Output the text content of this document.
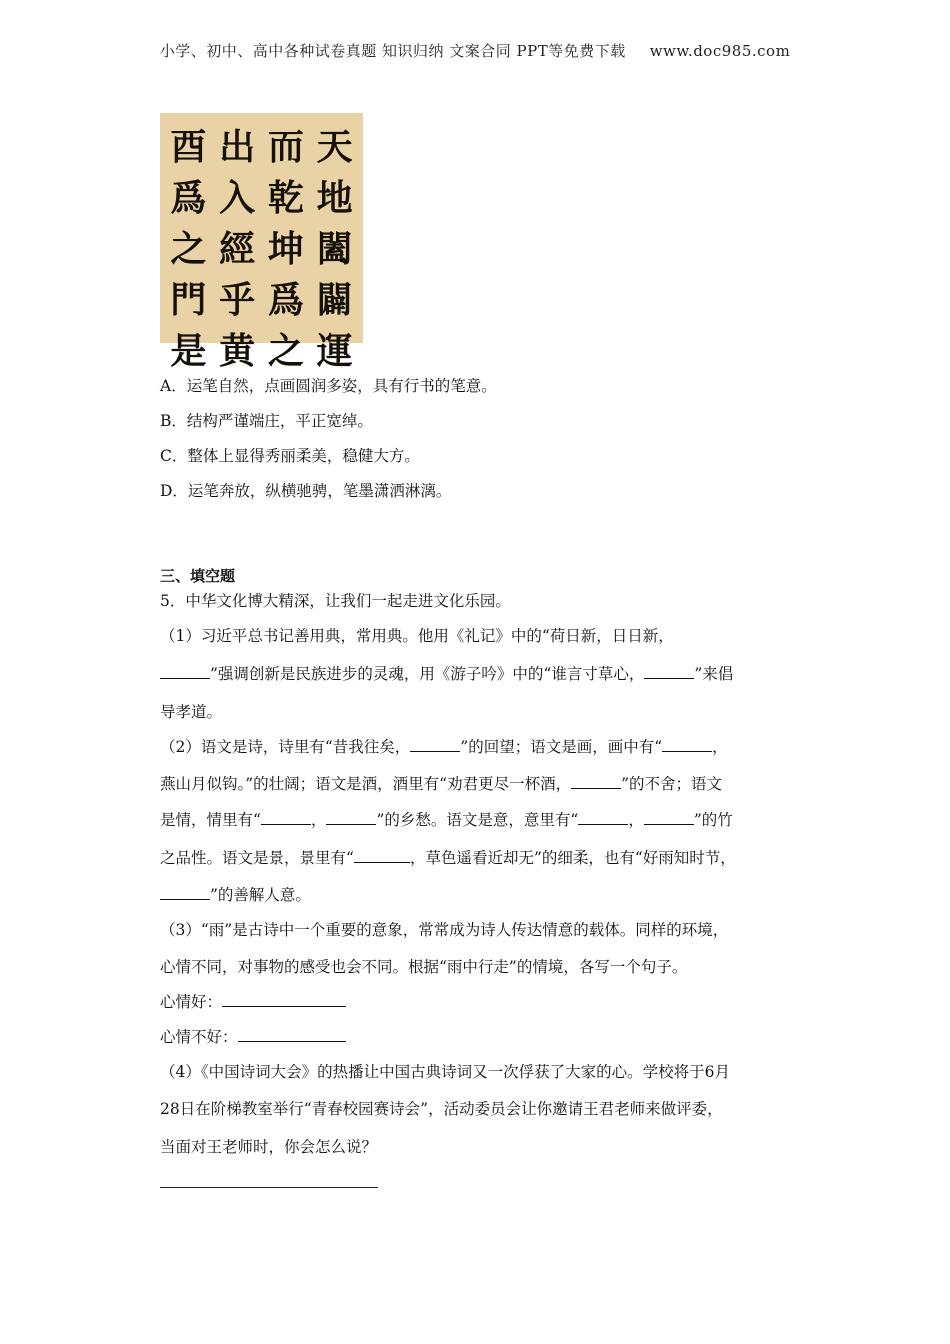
小学、初中、高中各种试卷真题 知识归纳 文案合同 PPT等免费下载 www.doc985.com
酉 出 而 天
爲 入 乾 地
之 經 坤 闔
門 乎 爲 闢
是 黄 之 運
A．运笔自然，点画圆润多姿，具有行书的笔意。
B．结构严谨端庄，平正宽绰。
C．整体上显得秀丽柔美，稳健大方。
D．运笔奔放，纵横驰骋，笔墨潇洒淋漓。
三、填空题
5．中华文化博大精深，让我们一起走进文化乐园。
（1）习近平总书记善用典，常用典。他用《礼记》中的“荷日新，日日新，
”强调创新是民族进步的灵魂，用《游子吟》中的“谁言寸草心，	”来倡
导孝道。
（2）语文是诗，诗里有“昔我往矣，	”的回望；语文是画，画中有“	，
燕山月似钩。”的壮阔；语文是酒，酒里有“劝君更尽一杯酒，	”的不舍；语文
是情，情里有“	，	”的乡愁。语文是意，意里有“	，	”的竹
之品性。语文是景，景里有“	，草色遥看近却无”的细柔，也有“好雨知时节，
”的善解人意。
（3）“雨”是古诗中一个重要的意象，常常成为诗人传达情意的载体。同样的环境，
心情不同，对事物的感受也会不同。根据“雨中行走”的情境，各写一个句子。
心情好：
心情不好：
（4）《中国诗词大会》的热播让中国古典诗词又一次俘获了大家的心。学校将于6月
28日在阶梯教室举行“青春校园赛诗会”，活动委员会让你邀请王君老师来做评委，
当面对王老师时，你会怎么说？
